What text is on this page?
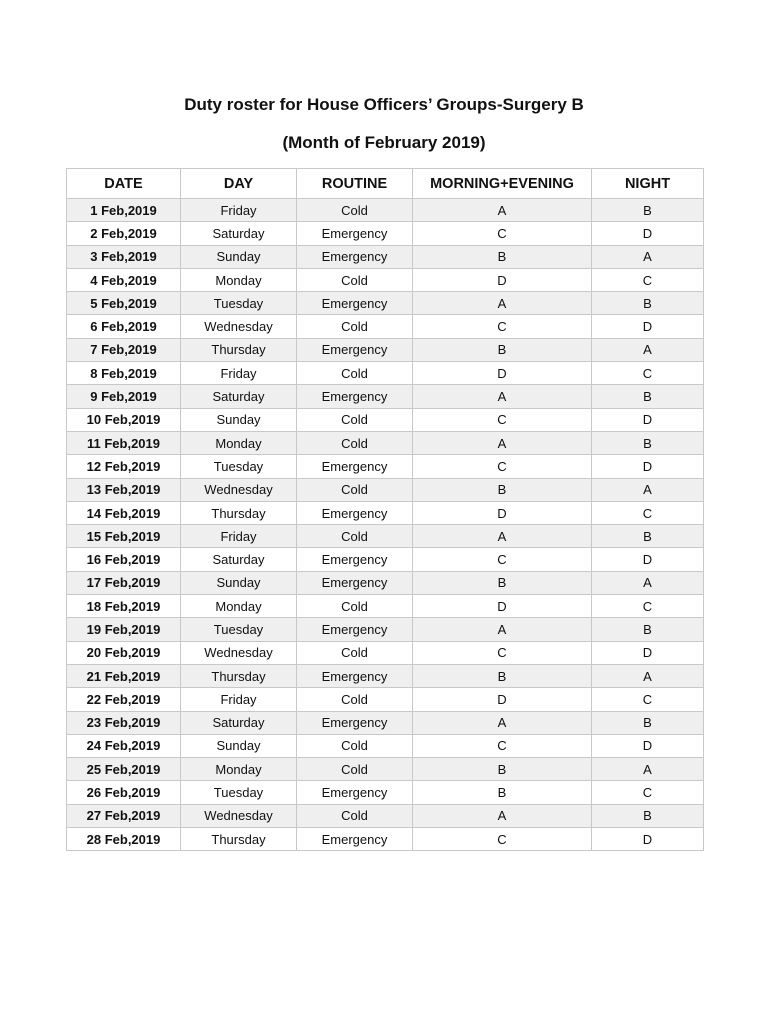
Duty roster for House Officers’ Groups-Surgery B
(Month of February 2019)
DATE	DAY	ROUTINE	MORNING+EVENING	NIGHT
1 Feb,2019	Friday	Cold	A	B
2 Feb,2019	Saturday	Emergency	C	D
3 Feb,2019	Sunday	Emergency	B	A
4 Feb,2019	Monday	Cold	D	C
5 Feb,2019	Tuesday	Emergency	A	B
6 Feb,2019	Wednesday	Cold	C	D
7 Feb,2019	Thursday	Emergency	B	A
8 Feb,2019	Friday	Cold	D	C
9 Feb,2019	Saturday	Emergency	A	B
10 Feb,2019	Sunday	Cold	C	D
11 Feb,2019	Monday	Cold	A	B
12 Feb,2019	Tuesday	Emergency	C	D
13 Feb,2019	Wednesday	Cold	B	A
14 Feb,2019	Thursday	Emergency	D	C
15 Feb,2019	Friday	Cold	A	B
16 Feb,2019	Saturday	Emergency	C	D
17 Feb,2019	Sunday	Emergency	B	A
18 Feb,2019	Monday	Cold	D	C
19 Feb,2019	Tuesday	Emergency	A	B
20 Feb,2019	Wednesday	Cold	C	D
21 Feb,2019	Thursday	Emergency	B	A
22 Feb,2019	Friday	Cold	D	C
23 Feb,2019	Saturday	Emergency	A	B
24 Feb,2019	Sunday	Cold	C	D
25 Feb,2019	Monday	Cold	B	A
26 Feb,2019	Tuesday	Emergency	B	C
27 Feb,2019	Wednesday	Cold	A	B
28 Feb,2019	Thursday	Emergency	C	D
